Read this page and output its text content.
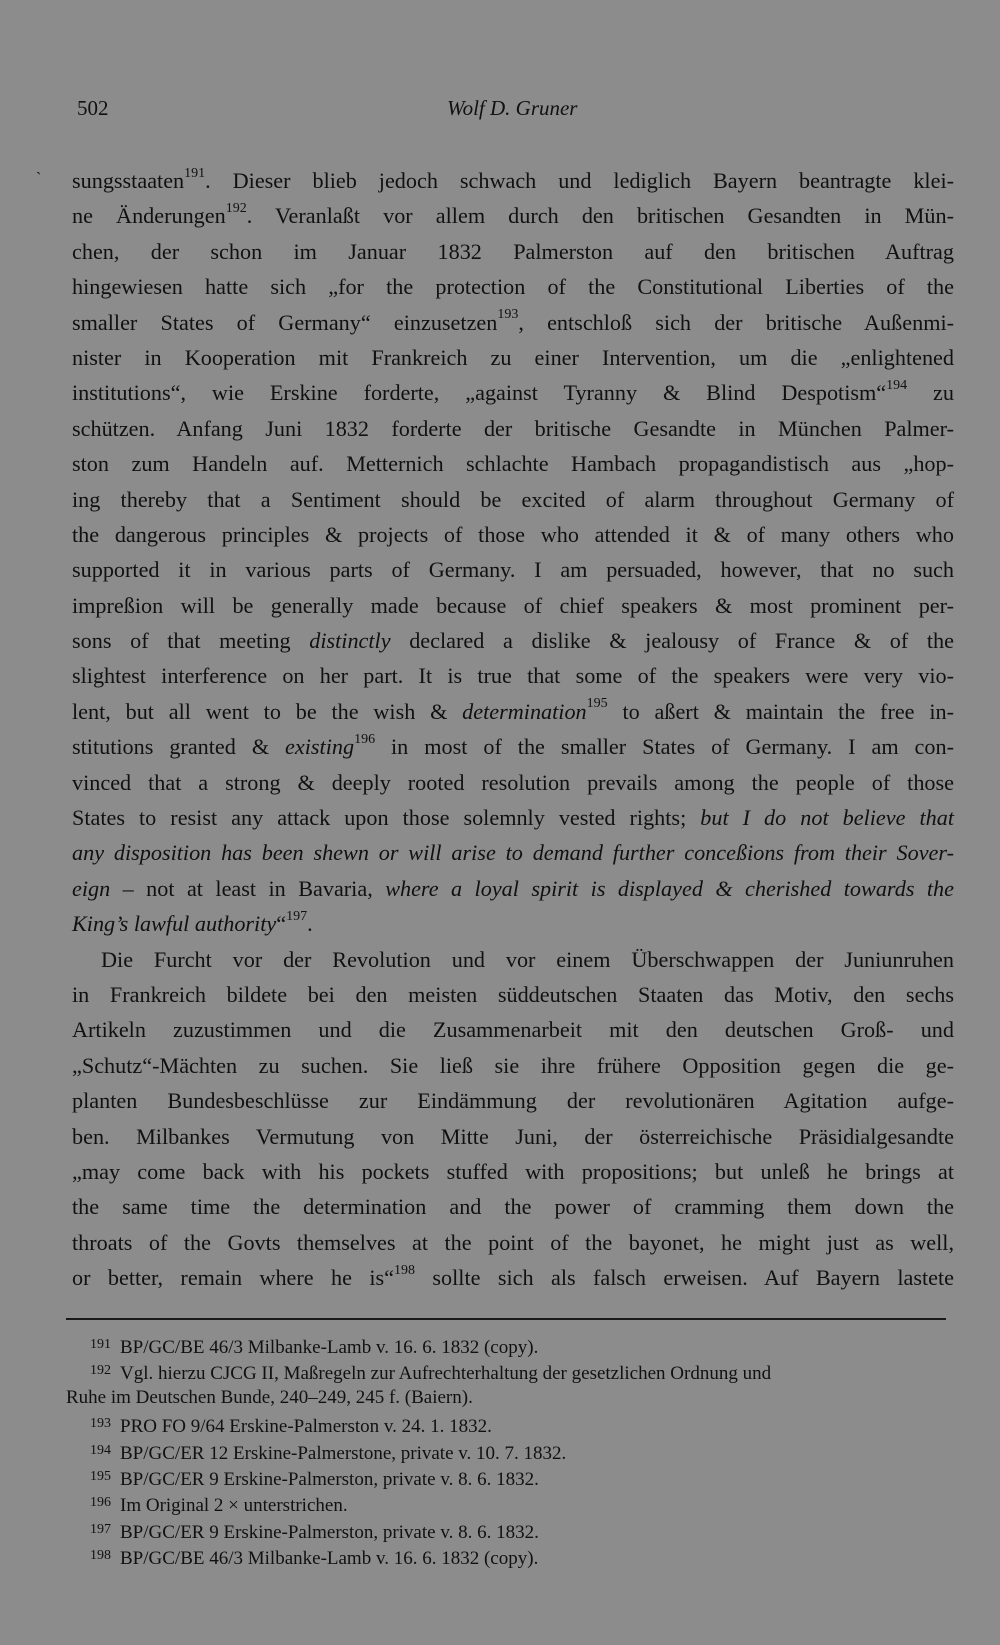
502	Wolf D. Gruner
` sungsstaaten$^{191}$. Dieser blieb jedoch schwach und lediglich Bayern beantragte klei-
ne Änderungen$^{192}$. Veranlaßt vor allem durch den britischen Gesandten in Mün-
chen, der schon im Januar 1832 Palmerston auf den britischen Auftrag
hingewiesen hatte sich „for the protection of the Constitutional Liberties of the
smaller States of Germany“ einzusetzen$^{193}$, entschloß sich der britische Außenmi-
nister in Kooperation mit Frankreich zu einer Intervention, um die „enlightened
institutions“, wie Erskine forderte, „against Tyranny & Blind Despotism“$^{194}$ zu
schützen. Anfang Juni 1832 forderte der britische Gesandte in München Palmer-
ston zum Handeln auf. Metternich schlachte Hambach propagandistisch aus „hop-
ing thereby that a Sentiment should be excited of alarm throughout Germany of
the dangerous principles & projects of those who attended it & of many others who
supported it in various parts of Germany. I am persuaded, however, that no such
impreßion will be generally made because of chief speakers & most prominent per-
sons of that meeting distinctly declared a dislike & jealousy of France & of the
slightest interference on her part. It is true that some of the speakers were very vio-
lent, but all went to be the wish & determination$^{195}$ to aßert & maintain the free in-
stitutions granted & existing$^{196}$ in most of the smaller States of Germany. I am con-
vinced that a strong & deeply rooted resolution prevails among the people of those
States to resist any attack upon those solemnly vested rights; but I do not believe that
any disposition has been shewn or will arise to demand further conceßions from their Sover-
eign – not at least in Bavaria, where a loyal spirit is displayed & cherished towards the
King’s lawful authority“$^{197}$.
Die Furcht vor der Revolution und vor einem Überschwappen der Juniunruhen
in Frankreich bildete bei den meisten süddeutschen Staaten das Motiv, den sechs
Artikeln zuzustimmen und die Zusammenarbeit mit den deutschen Groß- und
„Schutz“-Mächten zu suchen. Sie ließ sie ihre frühere Opposition gegen die ge-
planten Bundesbeschlüsse zur Eindämmung der revolutionären Agitation aufge-
ben. Milbankes Vermutung von Mitte Juni, der österreichische Präsidialgesandte
„may come back with his pockets stuffed with propositions; but unleß he brings at
the same time the determination and the power of cramming them down the
throats of the Govts themselves at the point of the bayonet, he might just as well,
or better, remain where he is“$^{198}$ sollte sich als falsch erweisen. Auf Bayern lastete
191 BP/GC/BE 46/3 Milbanke-Lamb v. 16. 6. 1832 (copy).
192 Vgl. hierzu CJCG II, Maßregeln zur Aufrechterhaltung der gesetzlichen Ordnung und
Ruhe im Deutschen Bunde, 240–249, 245 f. (Baiern).
193 PRO FO 9/64 Erskine-Palmerston v. 24. 1. 1832.
194 BP/GC/ER 12 Erskine-Palmerstone, private v. 10. 7. 1832.
195 BP/GC/ER 9 Erskine-Palmerston, private v. 8. 6. 1832.
196 Im Original 2 × unterstrichen.
197 BP/GC/ER 9 Erskine-Palmerston, private v. 8. 6. 1832.
198 BP/GC/BE 46/3 Milbanke-Lamb v. 16. 6. 1832 (copy).
